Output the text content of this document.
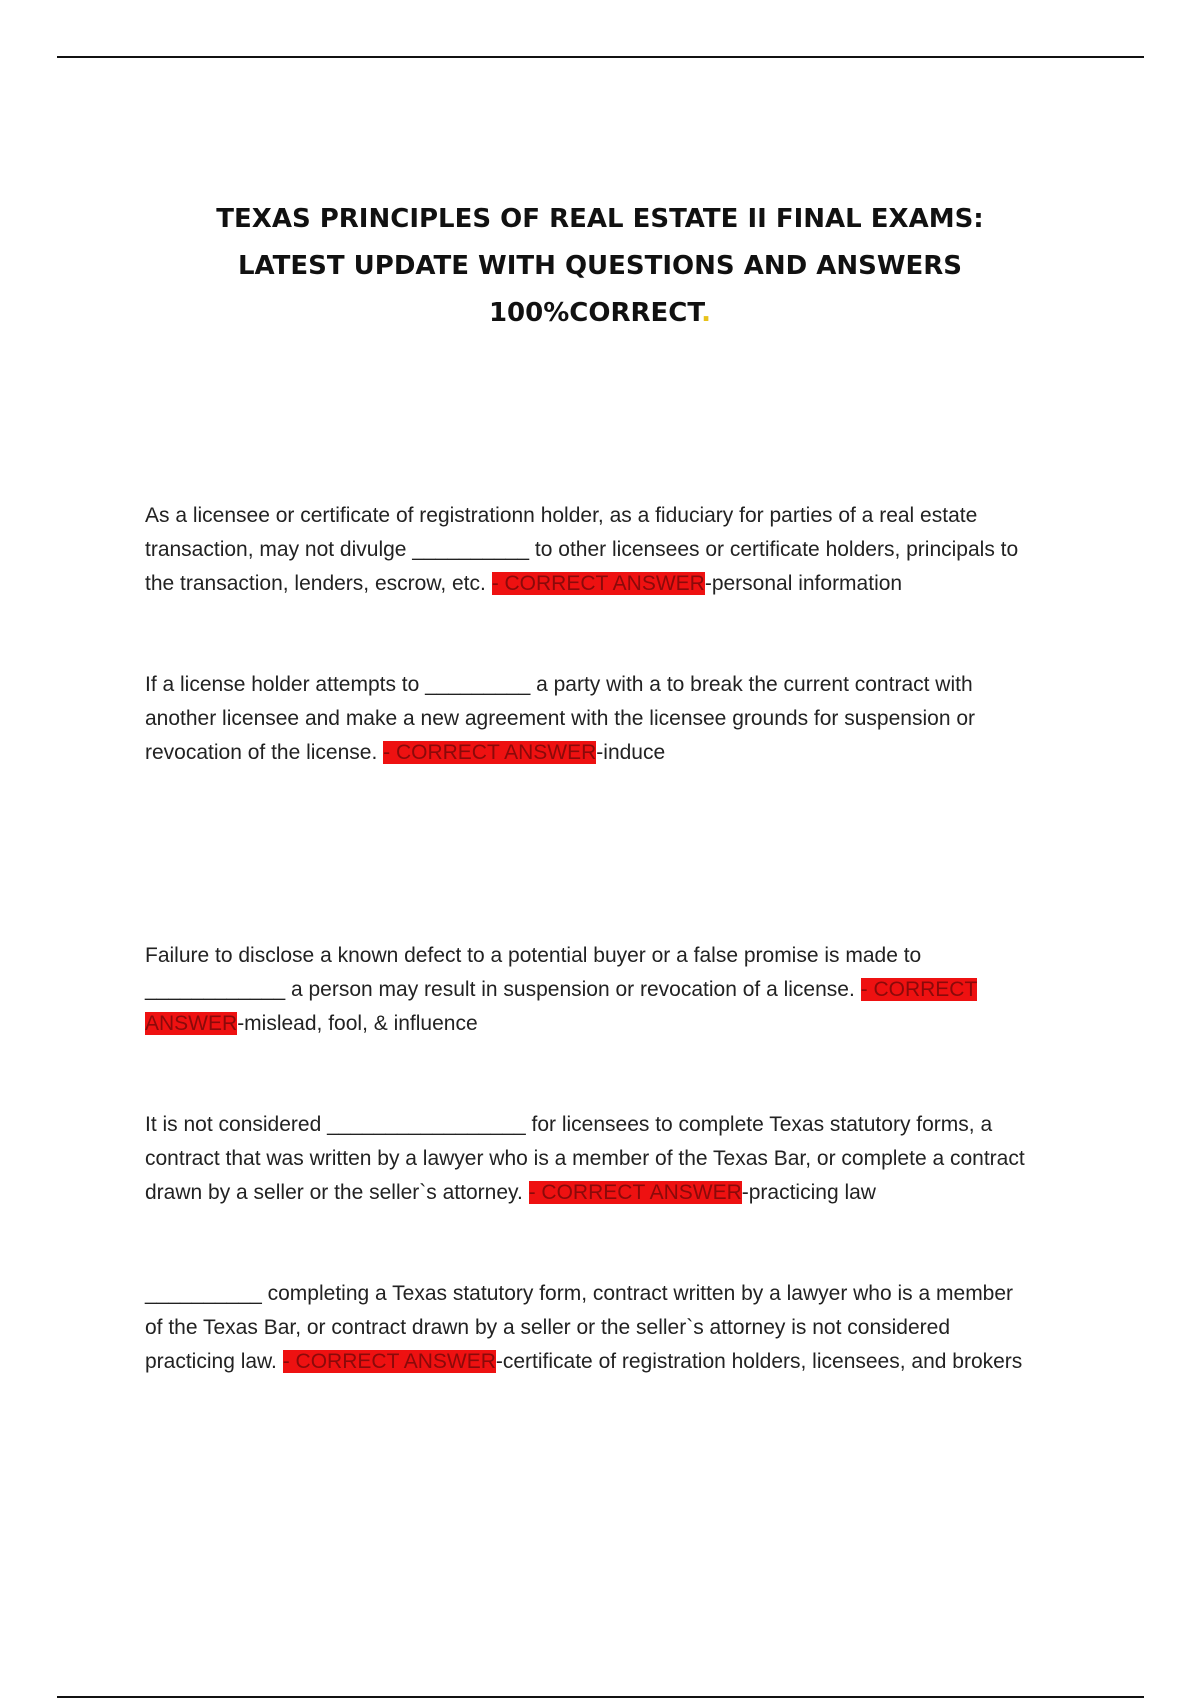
TEXAS PRINCIPLES OF REAL ESTATE II FINAL EXAMS:
LATEST UPDATE WITH QUESTIONS AND ANSWERS
100%CORRECT.
As a licensee or certificate of registrationn holder, as a fiduciary for parties of a real estate
transaction, may not divulge __________ to other licensees or certificate holders, principals to
the transaction, lenders, escrow, etc. - CORRECT ANSWER-personal information
If a license holder attempts to _________ a party with a to break the current contract with
another licensee and make a new agreement with the licensee grounds for suspension or
revocation of the license. - CORRECT ANSWER-induce
Failure to disclose a known defect to a potential buyer or a false promise is made to
____________ a person may result in suspension or revocation of a license. - CORRECT
ANSWER-mislead, fool, & influence
It is not considered _________________ for licensees to complete Texas statutory forms, a
contract that was written by a lawyer who is a member of the Texas Bar, or complete a contract
drawn by a seller or the seller`s attorney. - CORRECT ANSWER-practicing law
__________ completing a Texas statutory form, contract written by a lawyer who is a member
of the Texas Bar, or contract drawn by a seller or the seller`s attorney is not considered
practicing law. - CORRECT ANSWER-certificate of registration holders, licensees, and brokers
